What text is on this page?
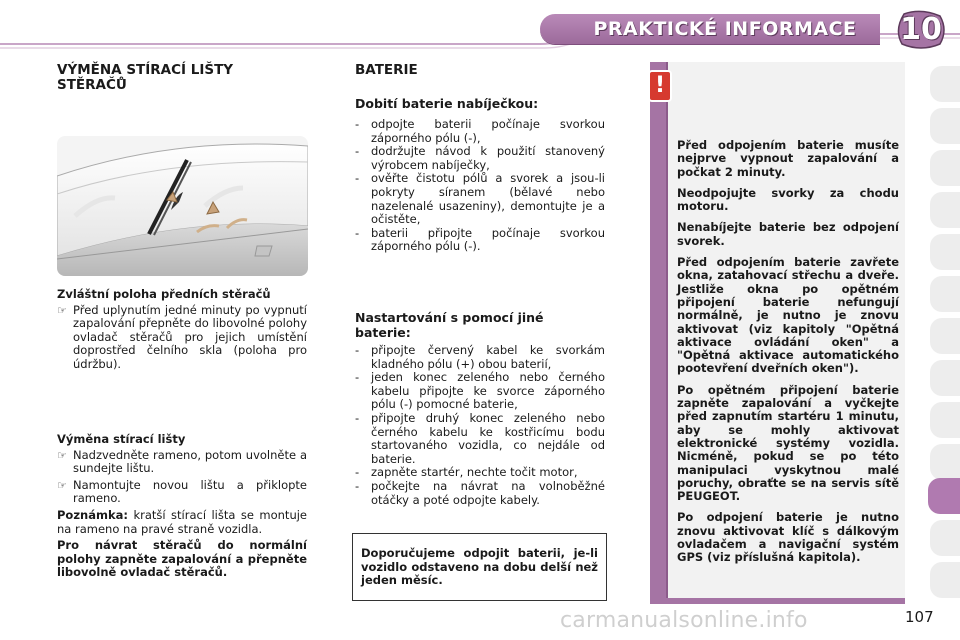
PRAKTICKÉ INFORMACE	10
VÝMĚNA STÍRACÍ LIŠTY STĚRAČŮ
Zvláštní poloha předních stěračů
☞ Před uplynutím jedné minuty po vypnutí zapalování přepněte do libovolné polohy ovladač stěračů pro jejich umístění doprostřed čelního skla (poloha pro údržbu).
Výměna stírací lišty
☞ Nadzvedněte rameno, potom uvolněte a sundejte lištu.
☞ Namontujte novou lištu a přiklopte rameno.
Poznámka: kratší stírací lišta se montuje na rameno na pravé straně vozidla.
Pro návrat stěračů do normální polohy zapněte zapalování a přepněte libovolně ovladač stěračů.
BATERIE
Dobití baterie nabíječkou:
- odpojte baterii počínaje svorkou záporného pólu (-),
- dodržujte návod k použití stanovený výrobcem nabíječky,
- ověřte čistotu pólů a svorek a jsou-li pokryty síranem (bělavé nebo nazelenalé usazeniny), demontujte je a očistěte,
- baterii připojte počínaje svorkou záporného pólu (-).
Nastartování s pomocí jiné baterie:
- připojte červený kabel ke svorkám kladného pólu (+) obou baterií,
- jeden konec zeleného nebo černého kabelu připojte ke svorce záporného pólu (-) pomocné baterie,
- připojte druhý konec zeleného nebo černého kabelu ke kostřicímu bodu startovaného vozidla, co nejdále od baterie.
- zapněte startér, nechte točit motor,
- počkejte na návrat na volnoběžné otáčky a poté odpojte kabely.
Doporučujeme odpojit baterii, je-li vozidlo odstaveno na dobu delší než jeden měsíc.
!

Před odpojením baterie musíte nejprve vypnout zapalování a počkat 2 minuty.

Neodpojujte svorky za chodu motoru.

Nenabíjejte baterie bez odpojení svorek.

Před odpojením baterie zavřete okna, zatahovací střechu a dveře. Jestliže okna po opětném připojení baterie nefungují normálně, je nutno je znovu aktivovat (viz kapitoly "Opětná aktivace ovládání oken" a "Opětná aktivace automatického pootevření dveřních oken").

Po opětném připojení baterie zapněte zapalování a vyčkejte před zapnutím startéru 1 minutu, aby se mohly aktivovat elektronické systémy vozidla. Nicméně, pokud se po této manipulaci vyskytnou malé poruchy, obraťte se na servis sítě PEUGEOT.

Po odpojení baterie je nutno znovu aktivovat klíč s dálkovým ovladačem a navigační systém GPS (viz příslušná kapitola).

carmanualsonline.info	107
